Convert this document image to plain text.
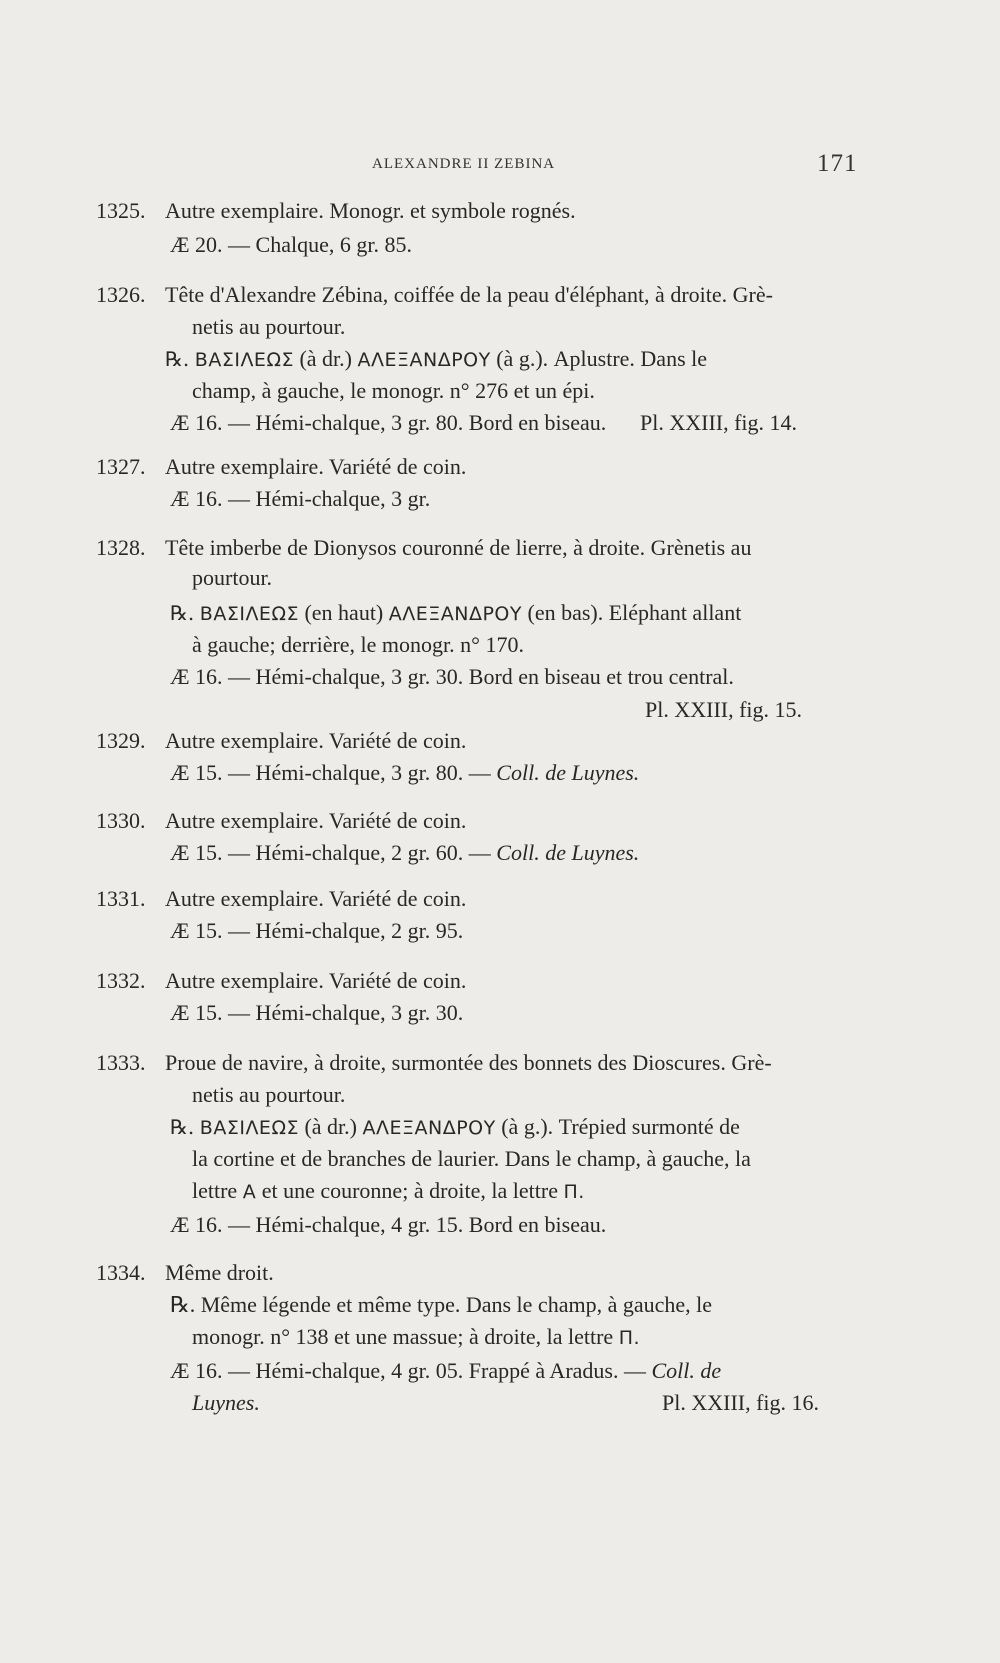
ALEXANDRE II ZEBINA	171
1325. Autre exemplaire. Monogr. et symbole rognés.
Æ 20. — Chalque, 6 gr. 85.
1326. Tête d'Alexandre Zébina, coiffée de la peau d'éléphant, à droite. Grè-
netis au pourtour.
℞. ΒΑΣΙΛΕΩΣ (à dr.) ΑΛΕΞΑΝΔΡΟΥ (à g.). Aplustre. Dans le
champ, à gauche, le monogr. n° 276 et un épi.
Æ 16. — Hémi-chalque, 3 gr. 80. Bord en biseau. Pl. XXIII, fig. 14.
1327. Autre exemplaire. Variété de coin.
Æ 16. — Hémi-chalque, 3 gr.
1328. Tête imberbe de Dionysos couronné de lierre, à droite. Grènetis au
pourtour.
℞. ΒΑΣΙΛΕΩΣ (en haut) ΑΛΕΞΑΝΔΡΟΥ (en bas). Eléphant allant
à gauche; derrière, le monogr. n° 170.
Æ 16. — Hémi-chalque, 3 gr. 30. Bord en biseau et trou central.
Pl. XXIII, fig. 15.
1329. Autre exemplaire. Variété de coin.
Æ 15. — Hémi-chalque, 3 gr. 80. — Coll. de Luynes.
1330. Autre exemplaire. Variété de coin.
Æ 15. — Hémi-chalque, 2 gr. 60. — Coll. de Luynes.
1331. Autre exemplaire. Variété de coin.
Æ 15. — Hémi-chalque, 2 gr. 95.
1332. Autre exemplaire. Variété de coin.
Æ 15. — Hémi-chalque, 3 gr. 30.
1333. Proue de navire, à droite, surmontée des bonnets des Dioscures. Grè-
netis au pourtour.
℞. ΒΑΣΙΛΕΩΣ (à dr.) ΑΛΕΞΑΝΔΡΟΥ (à g.). Trépied surmonté de
la cortine et de branches de laurier. Dans le champ, à gauche, la
lettre Α et une couronne; à droite, la lettre Π.
Æ 16. — Hémi-chalque, 4 gr. 15. Bord en biseau.
1334. Même droit.
℞. Même légende et même type. Dans le champ, à gauche, le
monogr. n° 138 et une massue; à droite, la lettre Π.
Æ 16. — Hémi-chalque, 4 gr. 05. Frappé à Aradus. — Coll. de
Luynes.	Pl. XXIII, fig. 16.
